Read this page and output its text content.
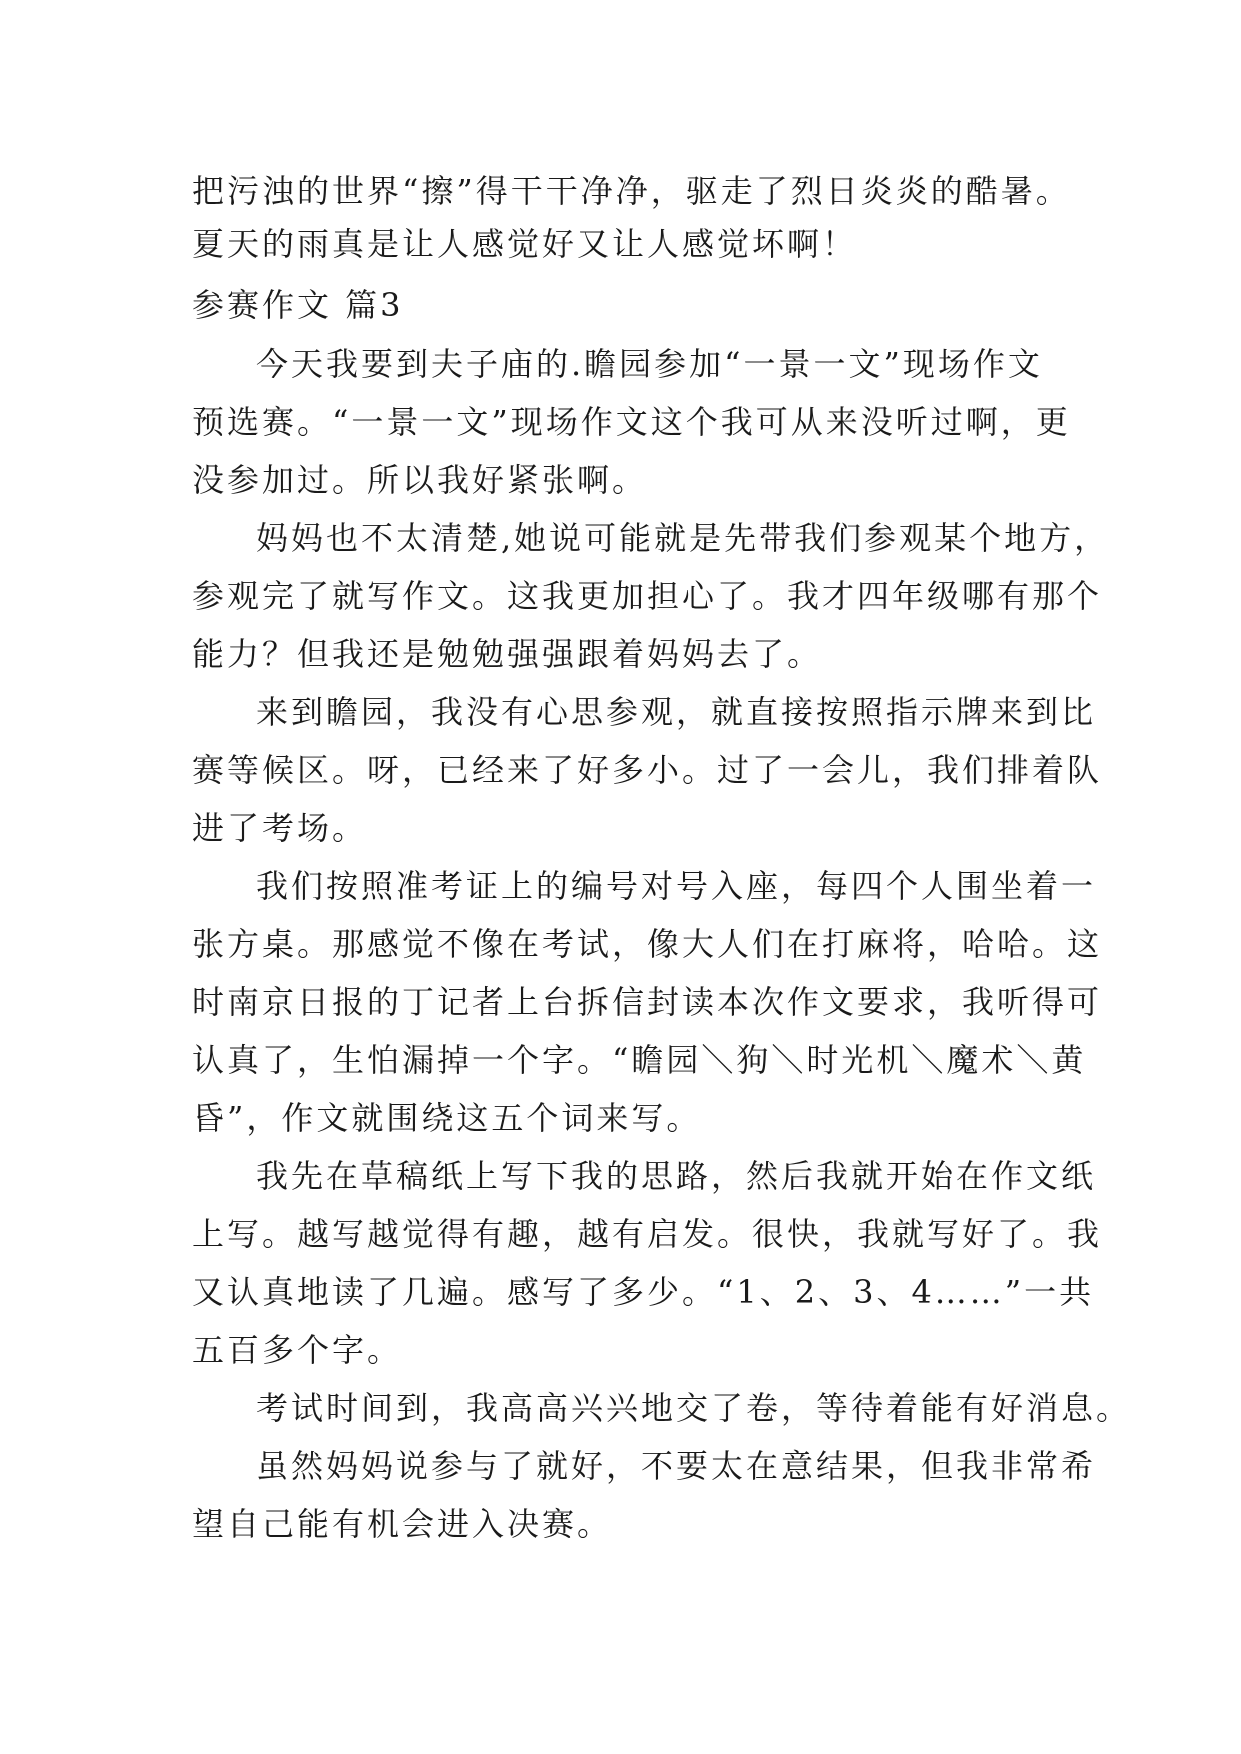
把污浊的世界“擦”得干干净净，驱走了烈日炎炎的酷暑。

夏天的雨真是让人感觉好又让人感觉坏啊！

参赛作文 篇3

今天我要到夫子庙的.瞻园参加“一景一文”现场作文

预选赛。“一景一文”现场作文这个我可从来没听过啊，更

没参加过。所以我好紧张啊。

妈妈也不太清楚,她说可能就是先带我们参观某个地方，

参观完了就写作文。这我更加担心了。我才四年级哪有那个

能力？但我还是勉勉强强跟着妈妈去了。

来到瞻园，我没有心思参观，就直接按照指示牌来到比

赛等候区。呀，已经来了好多小。过了一会儿，我们排着队

进了考场。

我们按照准考证上的编号对号入座，每四个人围坐着一

张方桌。那感觉不像在考试，像大人们在打麻将，哈哈。这

时南京日报的丁记者上台拆信封读本次作文要求，我听得可

认真了，生怕漏掉一个字。“瞻园＼狗＼时光机＼魔术＼黄

昏”，作文就围绕这五个词来写。

我先在草稿纸上写下我的思路，然后我就开始在作文纸

上写。越写越觉得有趣，越有启发。很快，我就写好了。我

又认真地读了几遍。感写了多少。“1、2、3、4……”一共

五百多个字。

考试时间到，我高高兴兴地交了卷，等待着能有好消息。

虽然妈妈说参与了就好，不要太在意结果，但我非常希

望自己能有机会进入决赛。
